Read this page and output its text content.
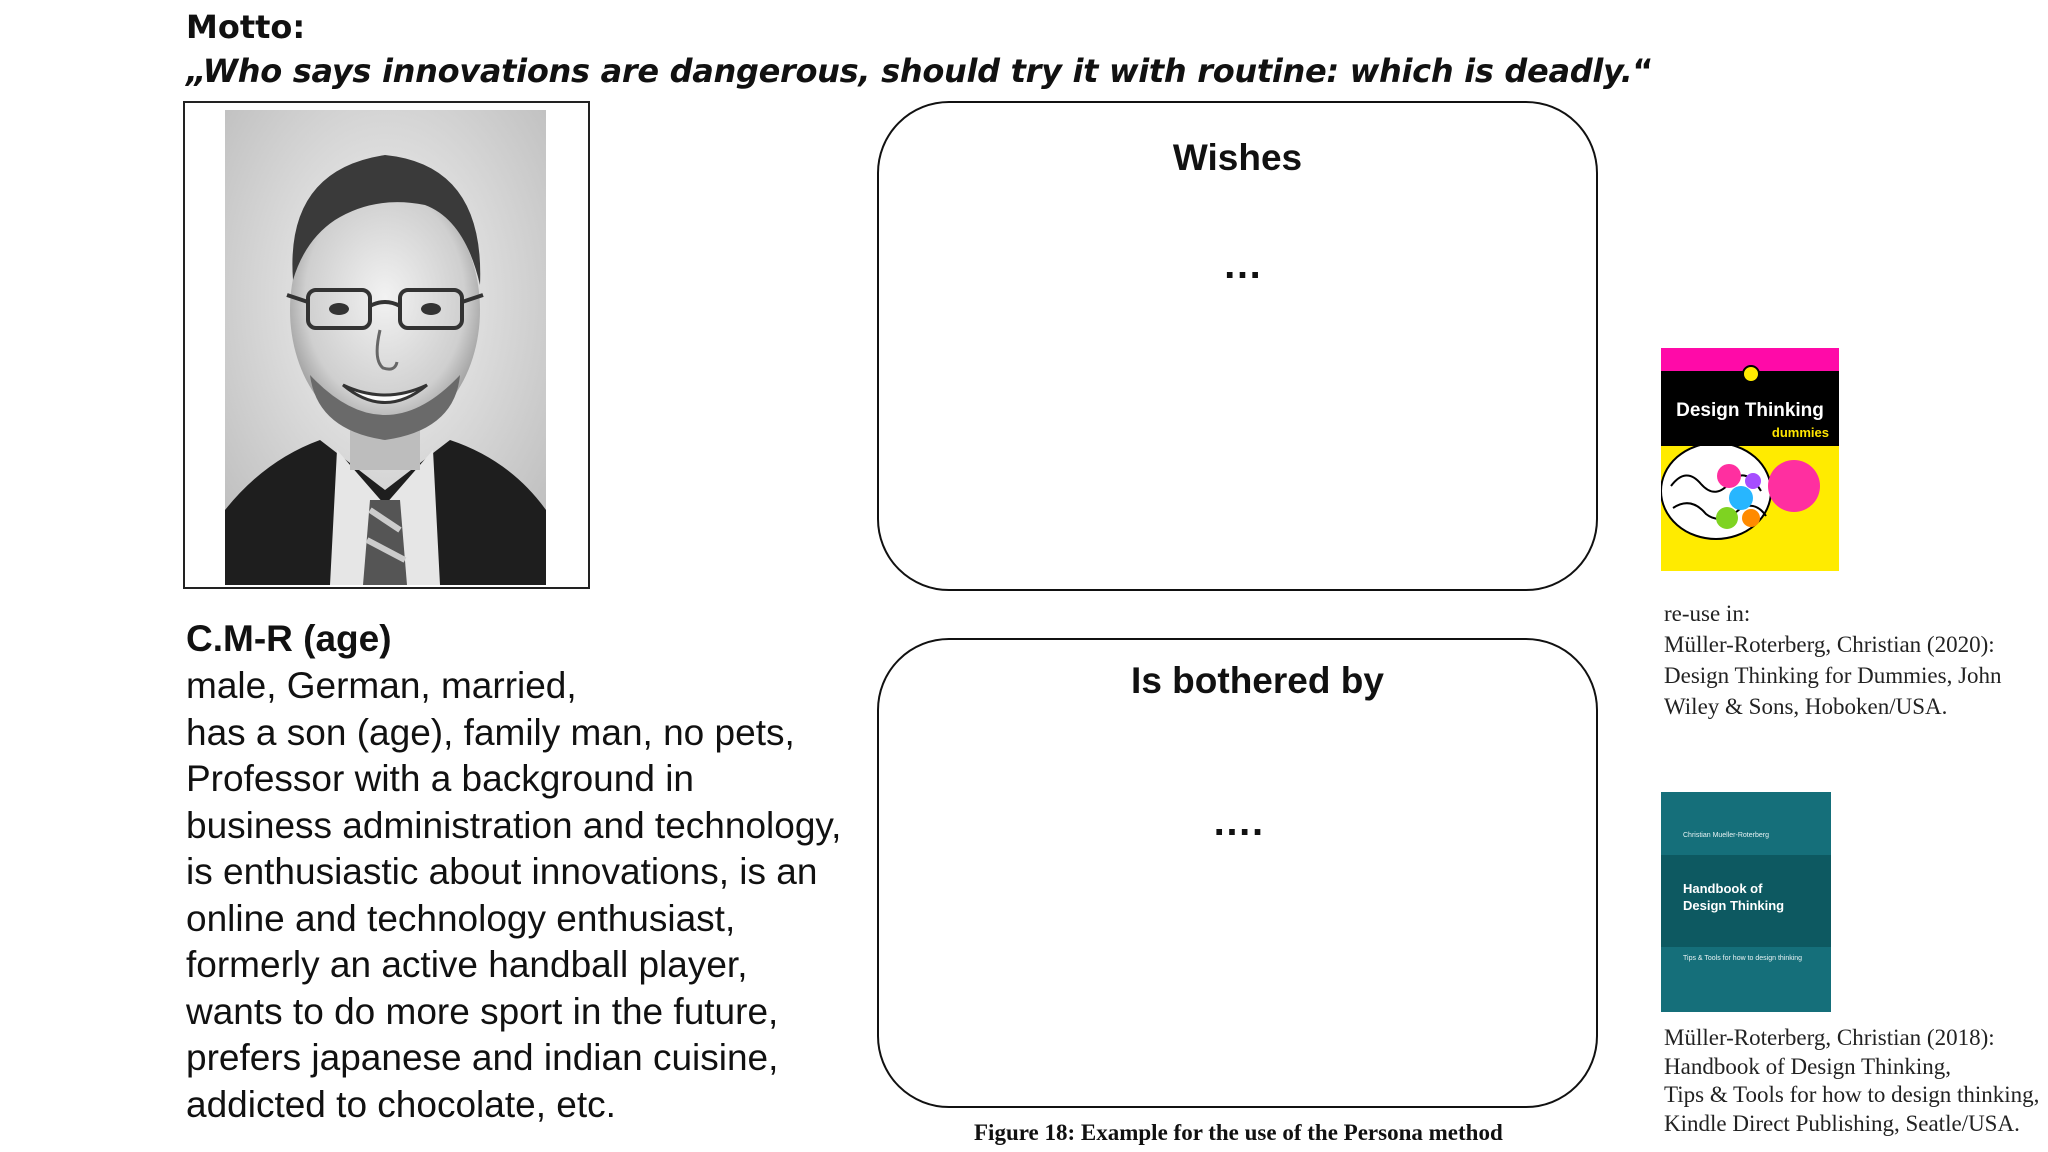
Motto:
„Who says innovations are dangerous, should try it with routine: which is deadly.“
C.M-R (age)
male, German, married,
has a son (age), family man, no pets,
Professor with a background in
business administration and technology,
is enthusiastic about innovations, is an
online and technology enthusiast,
formerly an active handball player,
wants to do more sport in the future,
prefers japanese and indian cuisine,
addicted to chocolate, etc.
Wishes
…
Is bothered by
….
Figure 18: Example for the use of the Persona method
Design Thinking
dummies
re-use in:
Müller-Roterberg, Christian (2020):
Design Thinking for Dummies, John
Wiley & Sons, Hoboken/USA.
Christian Mueller-Roterberg
Handbook of
Design Thinking
Tips & Tools for how to design thinking
Müller-Roterberg, Christian (2018):
Handbook of Design Thinking,
Tips & Tools for how to design thinking,
Kindle Direct Publishing, Seatle/USA.
